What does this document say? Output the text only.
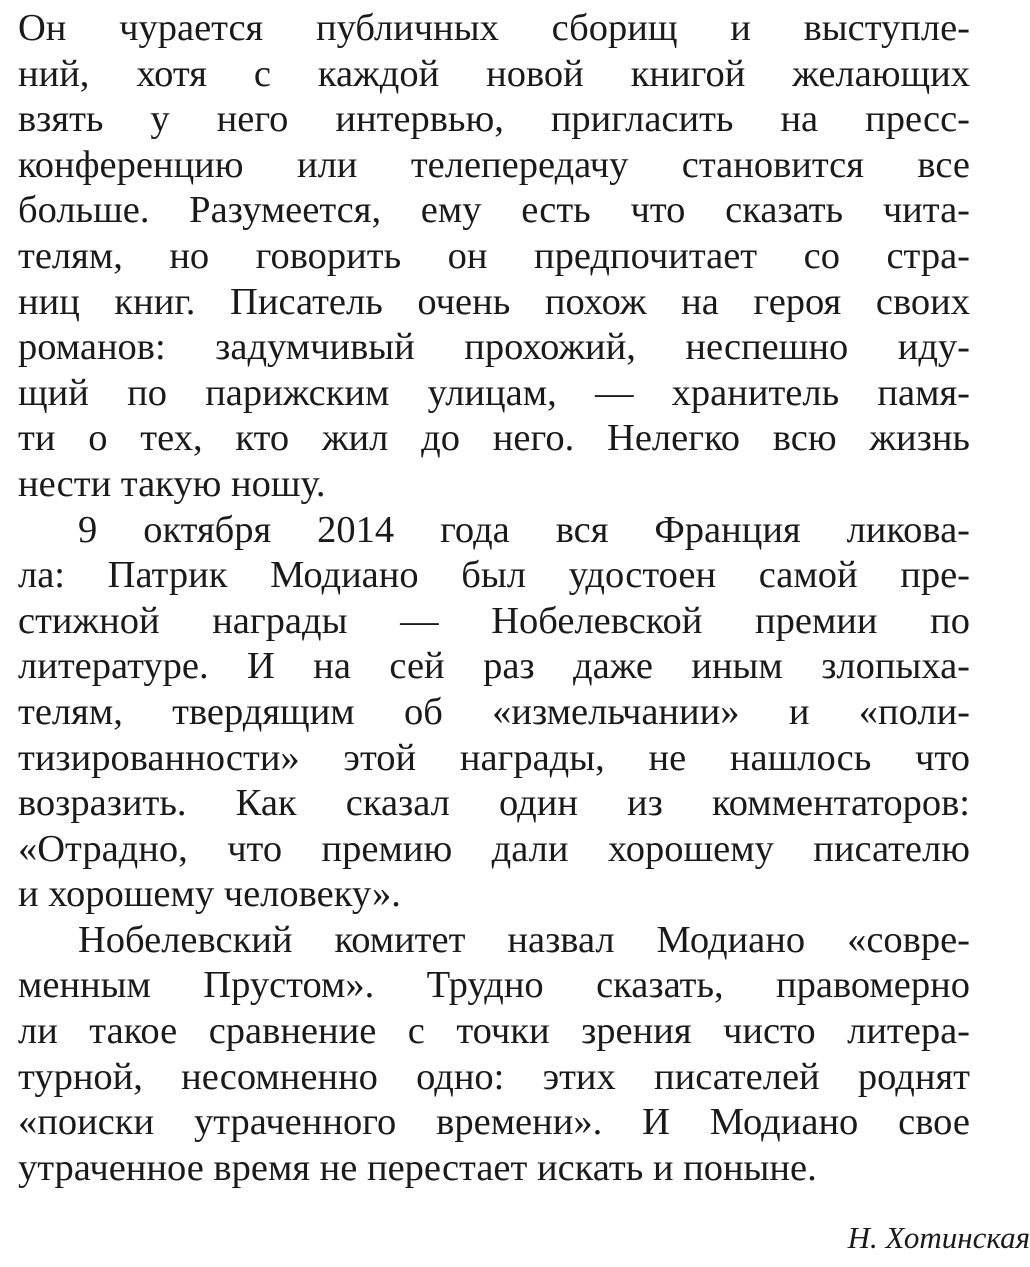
Он чурается публичных сборищ и выступле-
ний, хотя с каждой новой книгой желающих
взять у него интервью, пригласить на пресс-
конференцию или телепередачу становится все
больше. Разумеется, ему есть что сказать чита-
телям, но говорить он предпочитает со стра-
ниц книг. Писатель очень похож на героя своих
романов: задумчивый прохожий, неспешно иду-
щий по парижским улицам, — хранитель памя-
ти о тех, кто жил до него. Нелегко всю жизнь
нести такую ношу.
9 октября 2014 года вся Франция ликова-
ла: Патрик Модиано был удостоен самой пре-
стижной награды — Нобелевской премии по
литературе. И на сей раз даже иным злопыха-
телям, твердящим об «измельчании» и «поли-
тизированности» этой награды, не нашлось что
возразить. Как сказал один из комментаторов:
«Отрадно, что премию дали хорошему писателю
и хорошему человеку».
Нобелевский комитет назвал Модиано «совре-
менным Прустом». Трудно сказать, правомерно
ли такое сравнение с точки зрения чисто литера-
турной, несомненно одно: этих писателей роднят
«поиски утраченного времени». И Модиано свое
утраченное время не перестает искать и поныне.
Н. Хотинская
